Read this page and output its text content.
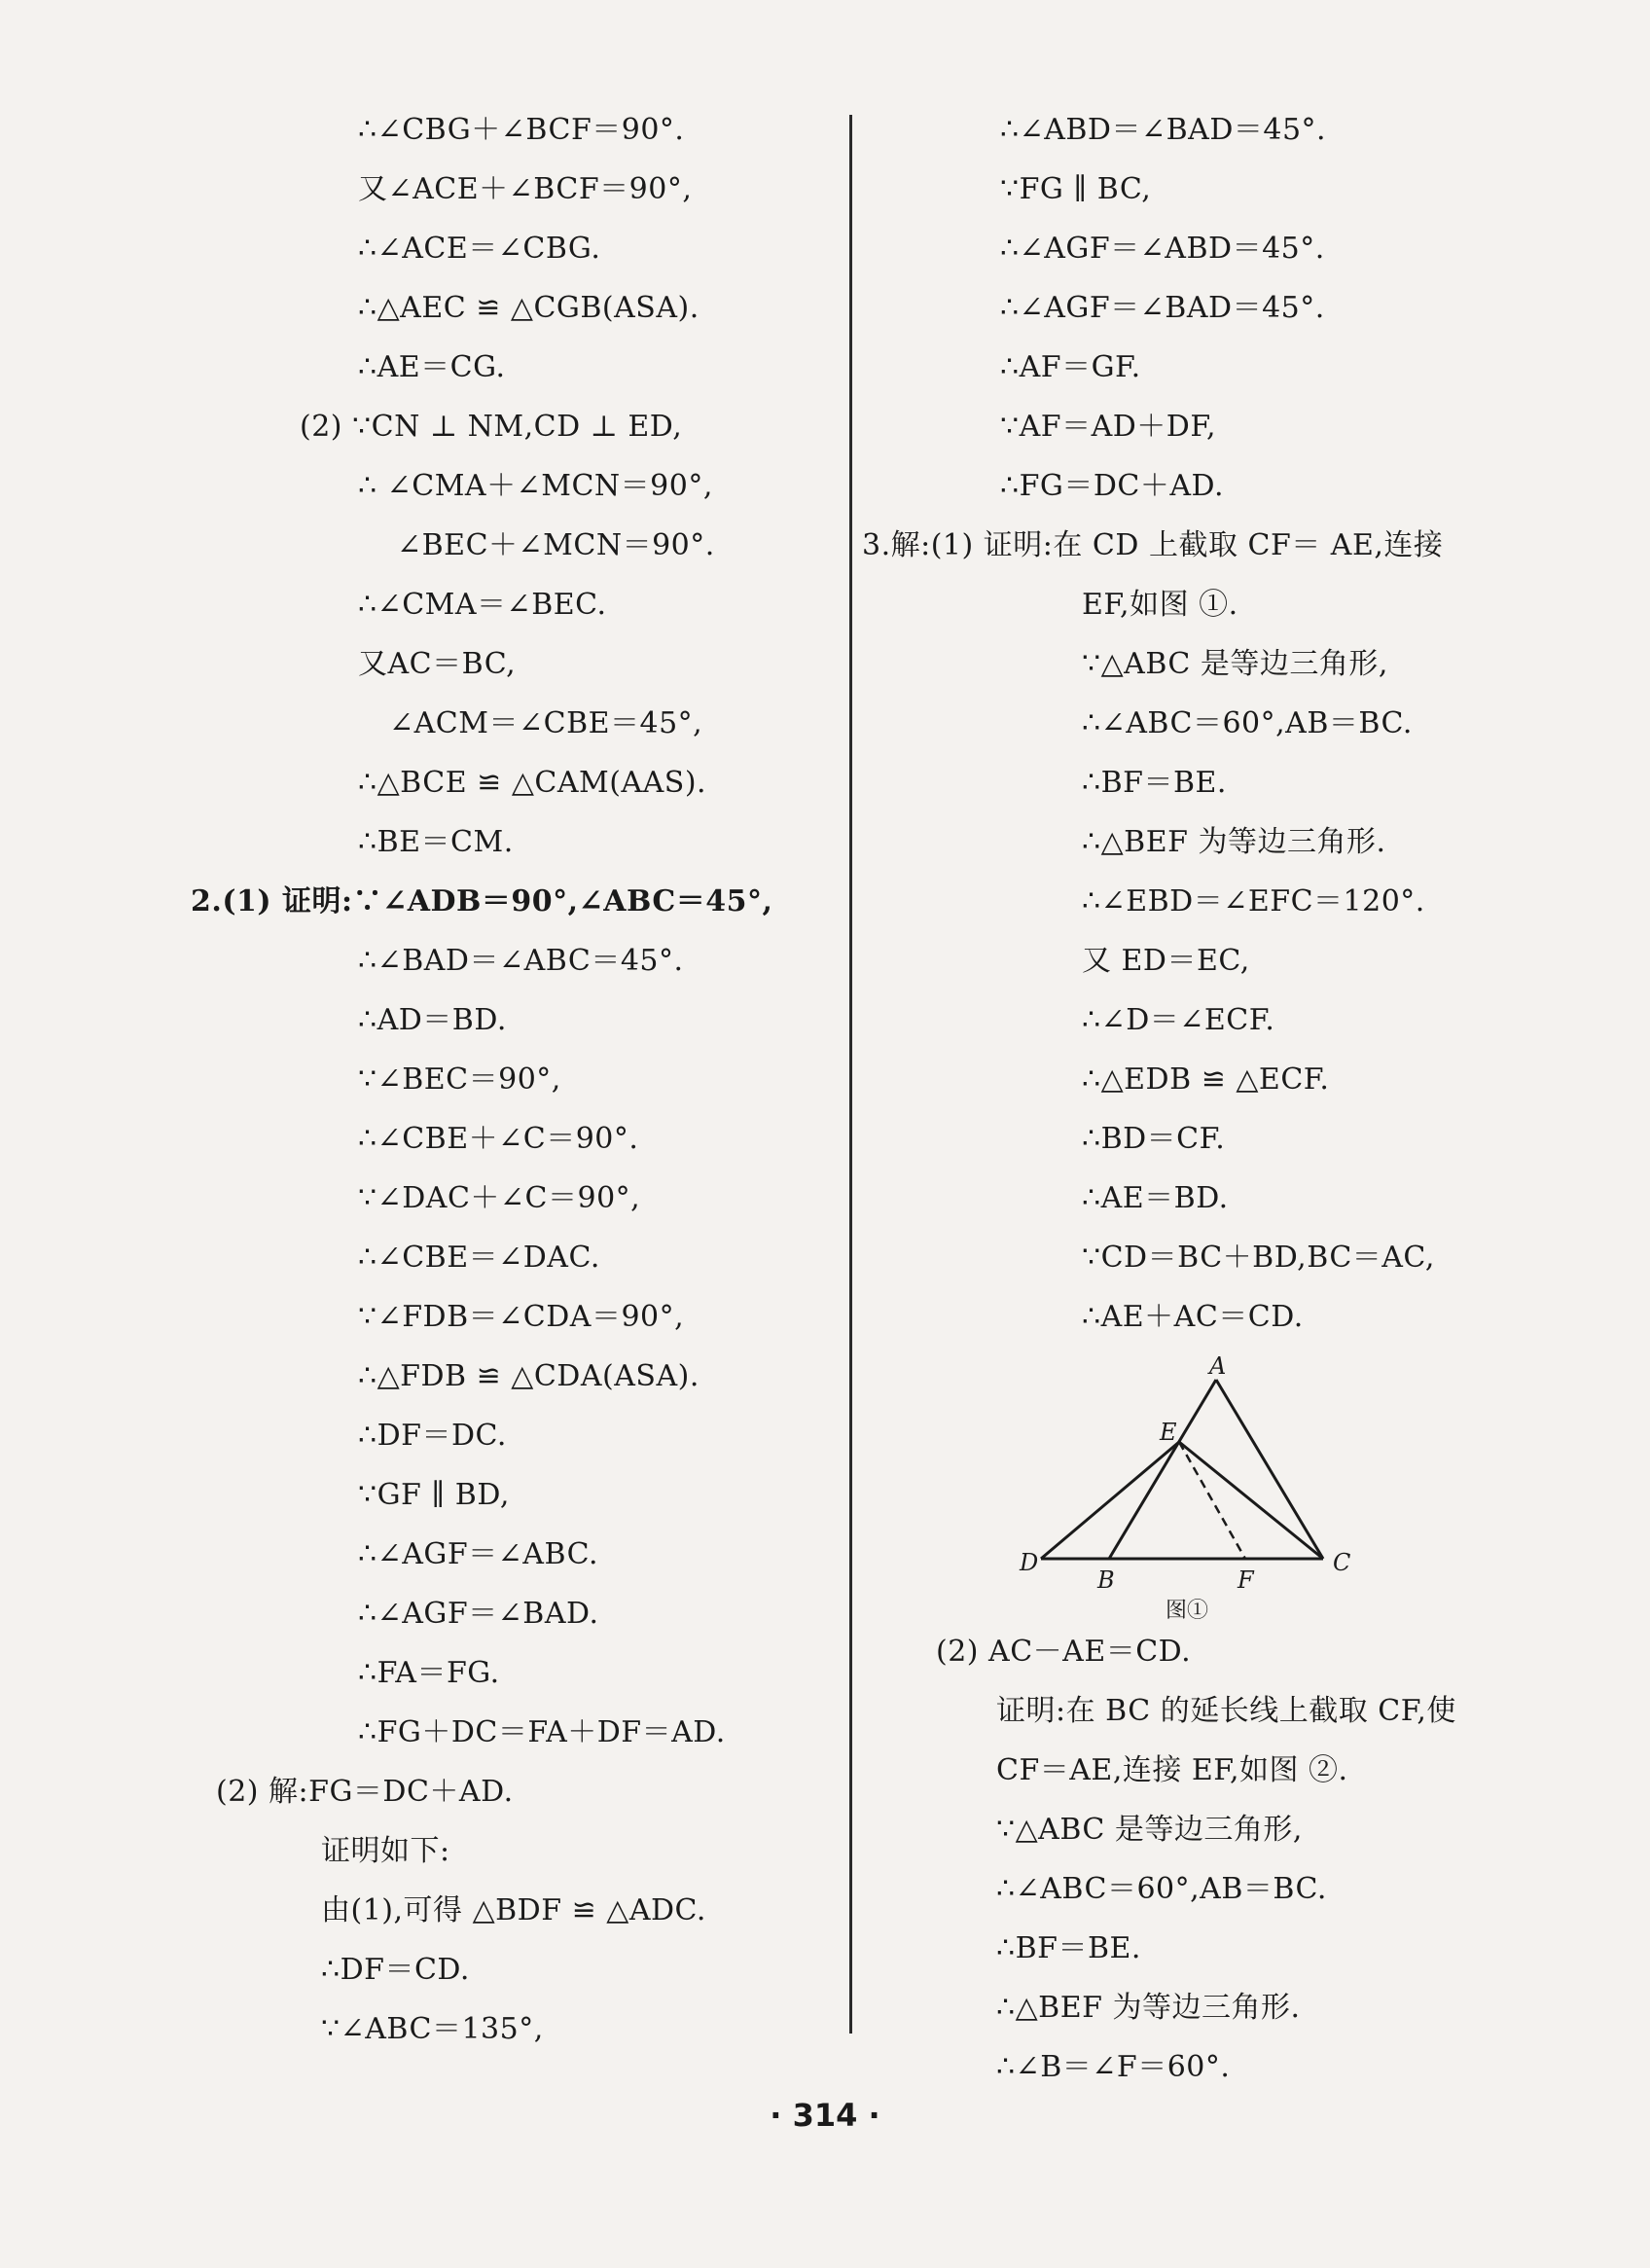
∴∠CBG＋∠BCF＝90°.
又∠ACE＋∠BCF＝90°,
∴∠ACE＝∠CBG.
∴△AEC ≌ △CGB(ASA).
∴AE＝CG.
(2) ∵CN ⊥ NM,CD ⊥ ED,
∴ ∠CMA＋∠MCN＝90°,
∠BEC＋∠MCN＝90°.
∴∠CMA＝∠BEC.
又AC＝BC,
∠ACM＝∠CBE＝45°,
∴△BCE ≌ △CAM(AAS).
∴BE＝CM.
2.(1) 证明:∵∠ADB＝90°,∠ABC＝45°,
∴∠BAD＝∠ABC＝45°.
∴AD＝BD.
∵∠BEC＝90°,
∴∠CBE＋∠C＝90°.
∵∠DAC＋∠C＝90°,
∴∠CBE＝∠DAC.
∵∠FDB＝∠CDA＝90°,
∴△FDB ≌ △CDA(ASA).
∴DF＝DC.
∵GF ∥ BD,
∴∠AGF＝∠ABC.
∴∠AGF＝∠BAD.
∴FA＝FG.
∴FG＋DC＝FA＋DF＝AD.
(2) 解:FG＝DC＋AD.
证明如下:
由(1),可得 △BDF ≌ △ADC.
∴DF＝CD.
∵∠ABC＝135°,
∴∠ABD＝∠BAD＝45°.
∵FG ∥ BC,
∴∠AGF＝∠ABD＝45°.
∴∠AGF＝∠BAD＝45°.
∴AF＝GF.
∵AF＝AD＋DF,
∴FG＝DC＋AD.
3.解:(1) 证明:在 CD 上截取 CF＝ AE,连接
EF,如图 ①.
∵△ABC 是等边三角形,
∴∠ABC＝60°,AB＝BC.
∴BF＝BE.
∴△BEF 为等边三角形.
∴∠EBD＝∠EFC＝120°.
又 ED＝EC,
∴∠D＝∠ECF.
∴△EDB ≌ △ECF.
∴BD＝CF.
∴AE＝BD.
∵CD＝BC＋BD,BC＝AC,
∴AE＋AC＝CD.
A
E
D
B	F
C
图①
(2) AC－AE＝CD.
证明:在 BC 的延长线上截取 CF,使
CF＝AE,连接 EF,如图 ②.
∵△ABC 是等边三角形,
∴∠ABC＝60°,AB＝BC.
∴BF＝BE.
∴△BEF 为等边三角形.
∴∠B＝∠F＝60°.
· 314 ·
